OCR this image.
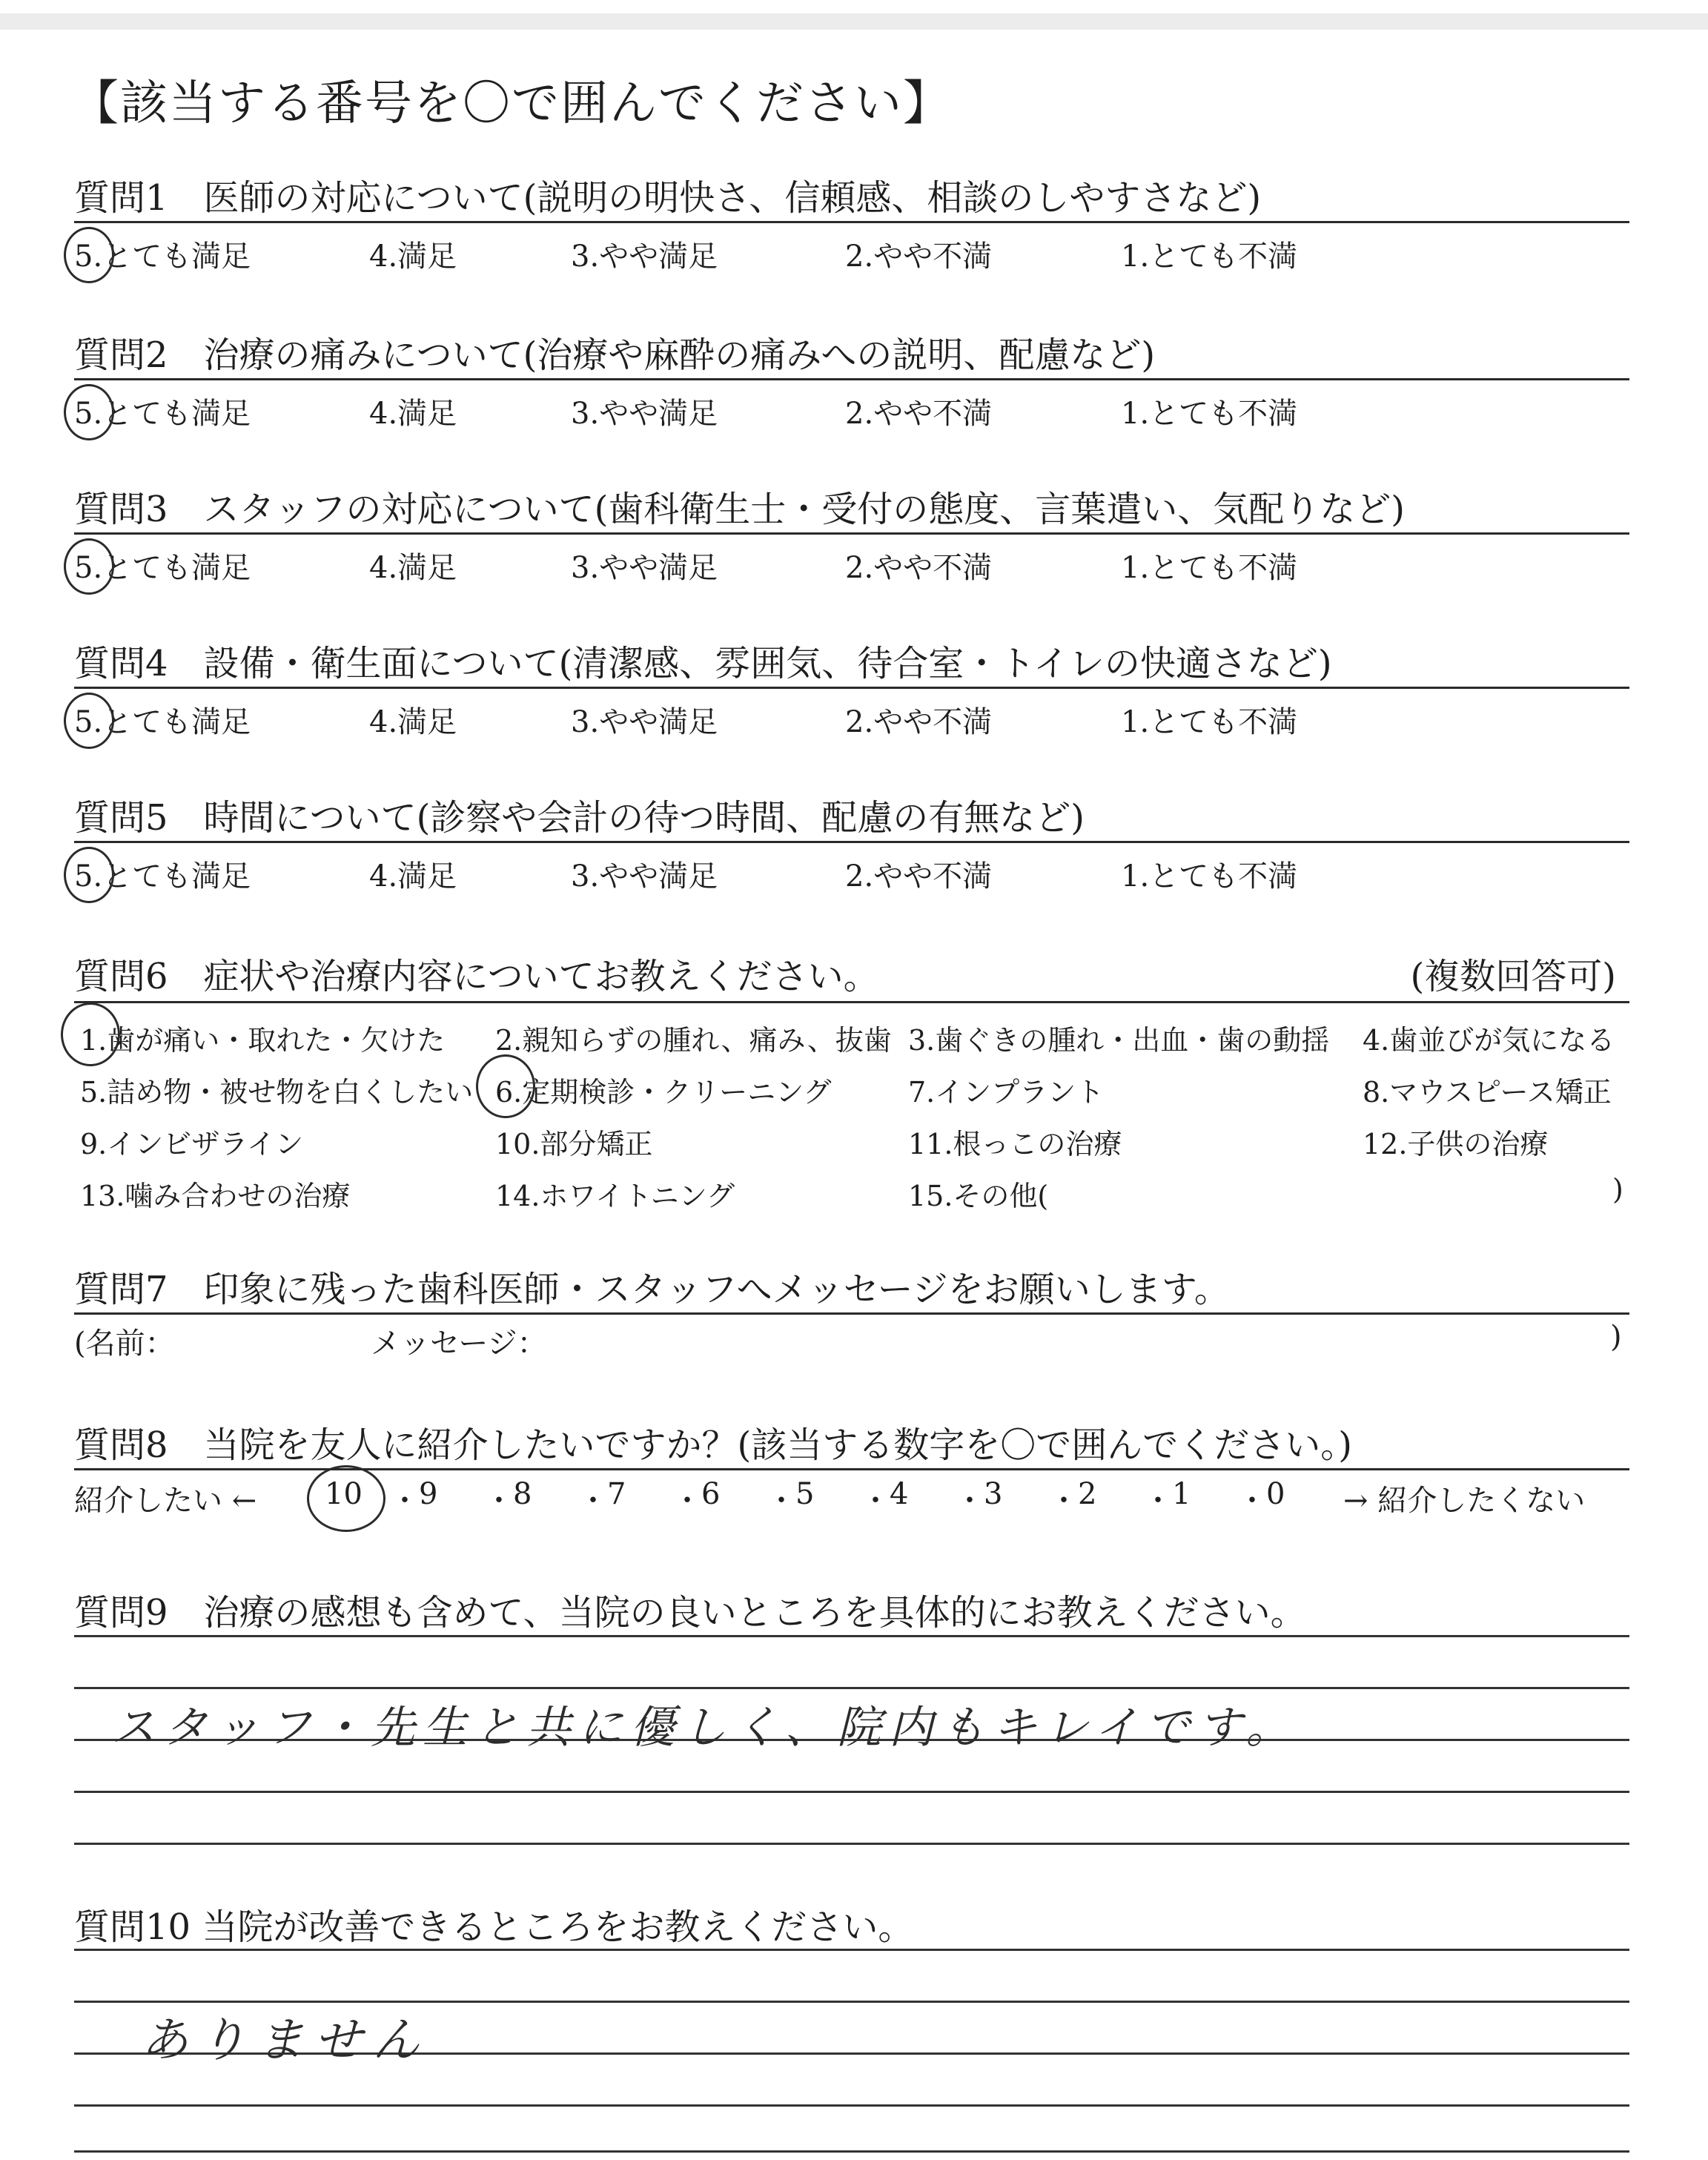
【該当する番号を〇で囲んでください】
質問1　医師の対応について(説明の明快さ、信頼感、相談のしやすさなど)
5.とても満足	4.満足	3.やや満足	2.やや不満	1.とても不満
質問2　治療の痛みについて(治療や麻酔の痛みへの説明、配慮など)
5.とても満足	4.満足	3.やや満足	2.やや不満	1.とても不満
質問3　スタッフの対応について(歯科衛生士・受付の態度、言葉遣い、気配りなど)
5.とても満足	4.満足	3.やや満足	2.やや不満	1.とても不満
質問4　設備・衛生面について(清潔感、雰囲気、待合室・トイレの快適さなど)
5.とても満足	4.満足	3.やや満足	2.やや不満	1.とても不満
質問5　時間について(診察や会計の待つ時間、配慮の有無など)
5.とても満足	4.満足	3.やや満足	2.やや不満	1.とても不満
質問6　症状や治療内容についてお教えください。	(複数回答可)
1.歯が痛い・取れた・欠けた 2.親知らずの腫れ、痛み、抜歯 3.歯ぐきの腫れ・出血・歯の動揺 4.歯並びが気になる
5.詰め物・被せ物を白くしたい 6.定期検診・クリーニング	7.インプラント	8.マウスピース矯正
9.インビザライン	10.部分矯正	11.根っこの治療	12.子供の治療
13.噛み合わせの治療	14.ホワイトニング	15.その他(	)
質問7　印象に残った歯科医師・スタッフへメッセージをお願いします。
(名前：	メッセージ：	)
質問8　当院を友人に紹介したいですか？(該当する数字を〇で囲んでください。)
紹介したい ←	→ 紹介したくない
10 ・ 9 ・ 8 ・ 7 ・ 6 ・ 5 ・ 4 ・ 3 ・ 2 ・ 1 ・ 0
質問9　治療の感想も含めて、当院の良いところを具体的にお教えください。
スタッフ・先生と共に優しく、院内もキレイです。
質問10 当院が改善できるところをお教えください。
ありません
